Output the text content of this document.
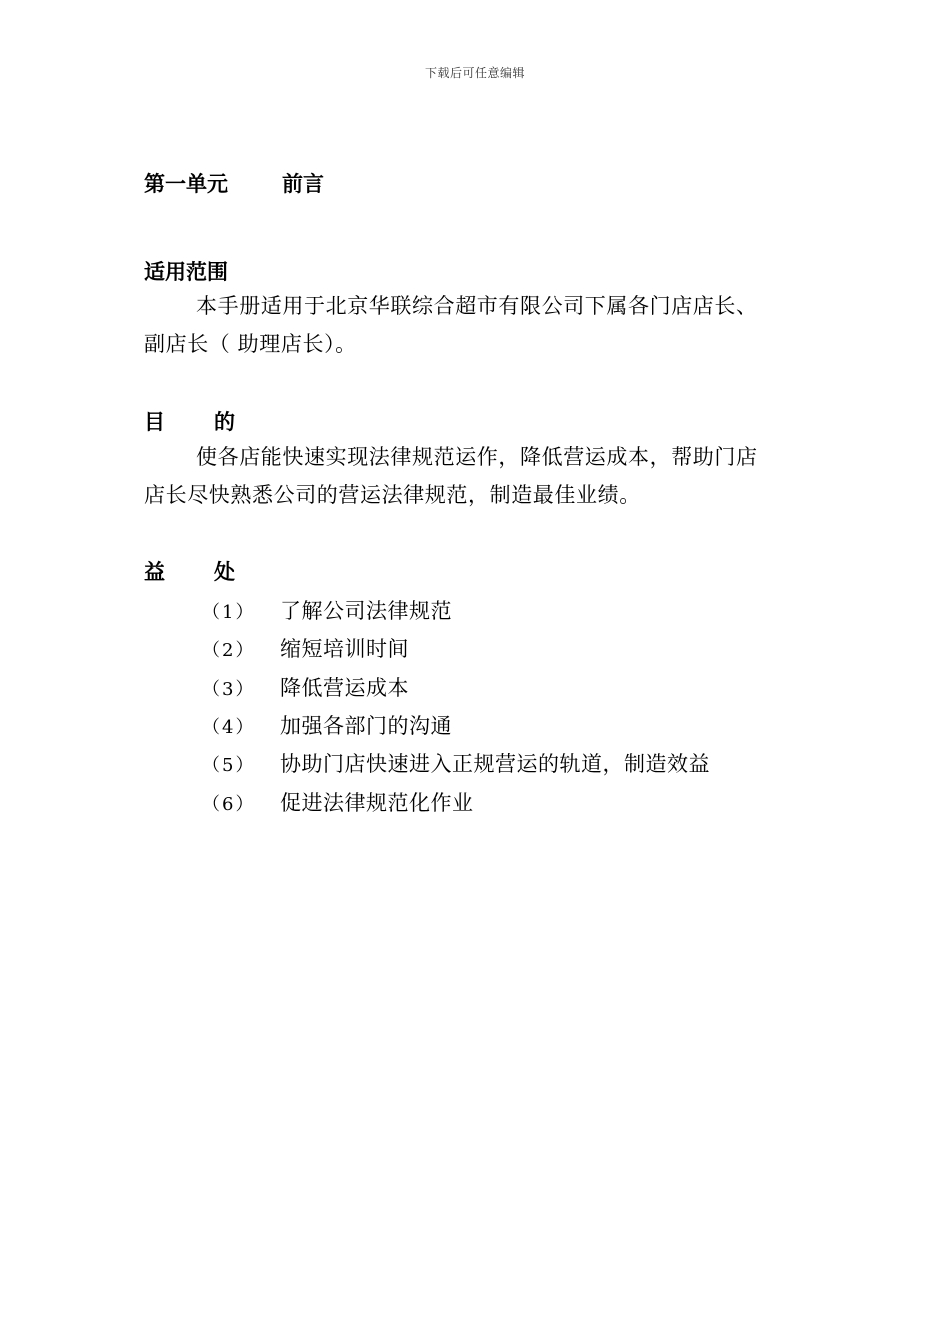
下载后可任意编辑
第一单元	前言
适用范围
本手册适用于北京华联综合超市有限公司下属各门店店长、
副店长（ 助理店长）。
目 的
使各店能快速实现法律规范运作，降低营运成本，帮助门店
店长尽快熟悉公司的营运法律规范，制造最佳业绩。
益 处
（1） 了解公司法律规范
（2） 缩短培训时间
（3） 降低营运成本
（4） 加强各部门的沟通
（5） 协助门店快速进入正规营运的轨道，制造效益
（6） 促进法律规范化作业
